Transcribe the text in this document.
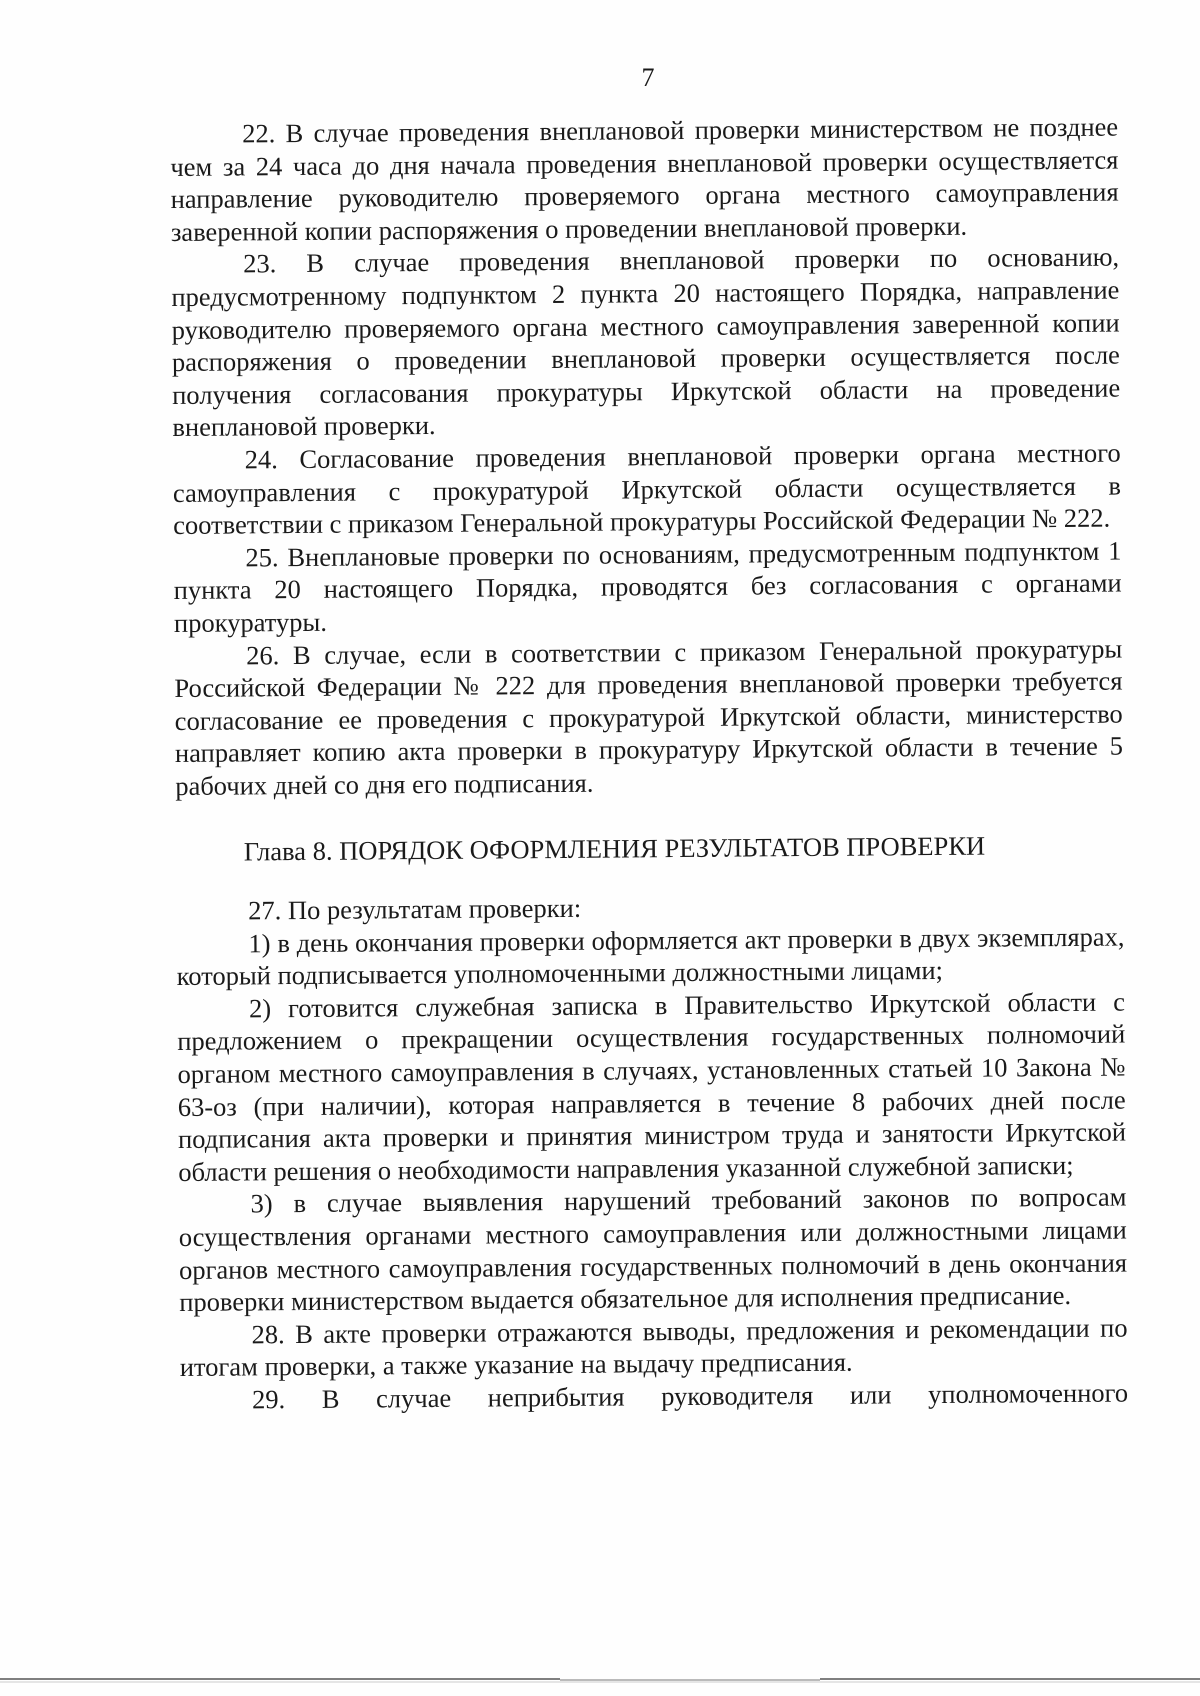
7

22. В случае проведения внеплановой проверки министерством не позднее чем за 24 часа до дня начала проведения внеплановой проверки осуществляется направление руководителю проверяемого органа местного самоуправления заверенной копии распоряжения о проведении внеплановой проверки.

23. В случае проведения внеплановой проверки по основанию, предусмотренному подпунктом 2 пункта 20 настоящего Порядка, направление руководителю проверяемого органа местного самоуправления заверенной копии распоряжения о проведении внеплановой проверки осуществляется после получения согласования прокуратуры Иркутской области на проведение внеплановой проверки.

24. Согласование проведения внеплановой проверки органа местного самоуправления с прокуратурой Иркутской области осуществляется в соответствии с приказом Генеральной прокуратуры Российской Федерации № 222.

25. Внеплановые проверки по основаниям, предусмотренным подпунктом 1 пункта 20 настоящего Порядка, проводятся без согласования с органами прокуратуры.

26. В случае, если в соответствии с приказом Генеральной прокуратуры Российской Федерации № 222 для проведения внеплановой проверки требуется согласование ее проведения с прокуратурой Иркутской области, министерство направляет копию акта проверки в прокуратуру Иркутской области в течение 5 рабочих дней со дня его подписания.

Глава 8. ПОРЯДОК ОФОРМЛЕНИЯ РЕЗУЛЬТАТОВ ПРОВЕРКИ

27. По результатам проверки:

1) в день окончания проверки оформляется акт проверки в двух экземплярах, который подписывается уполномоченными должностными лицами;

2) готовится служебная записка в Правительство Иркутской области с предложением о прекращении осуществления государственных полномочий органом местного самоуправления в случаях, установленных статьей 10 Закона № 63-оз (при наличии), которая направляется в течение 8 рабочих дней после подписания акта проверки и принятия министром труда и занятости Иркутской области решения о необходимости направления указанной служебной записки;

3) в случае выявления нарушений требований законов по вопросам осуществления органами местного самоуправления или должностными лицами органов местного самоуправления государственных полномочий в день окончания проверки министерством выдается обязательное для исполнения предписание.

28. В акте проверки отражаются выводы, предложения и рекомендации по итогам проверки, а также указание на выдачу предписания.

29. В случае неприбытия руководителя или уполномоченного
